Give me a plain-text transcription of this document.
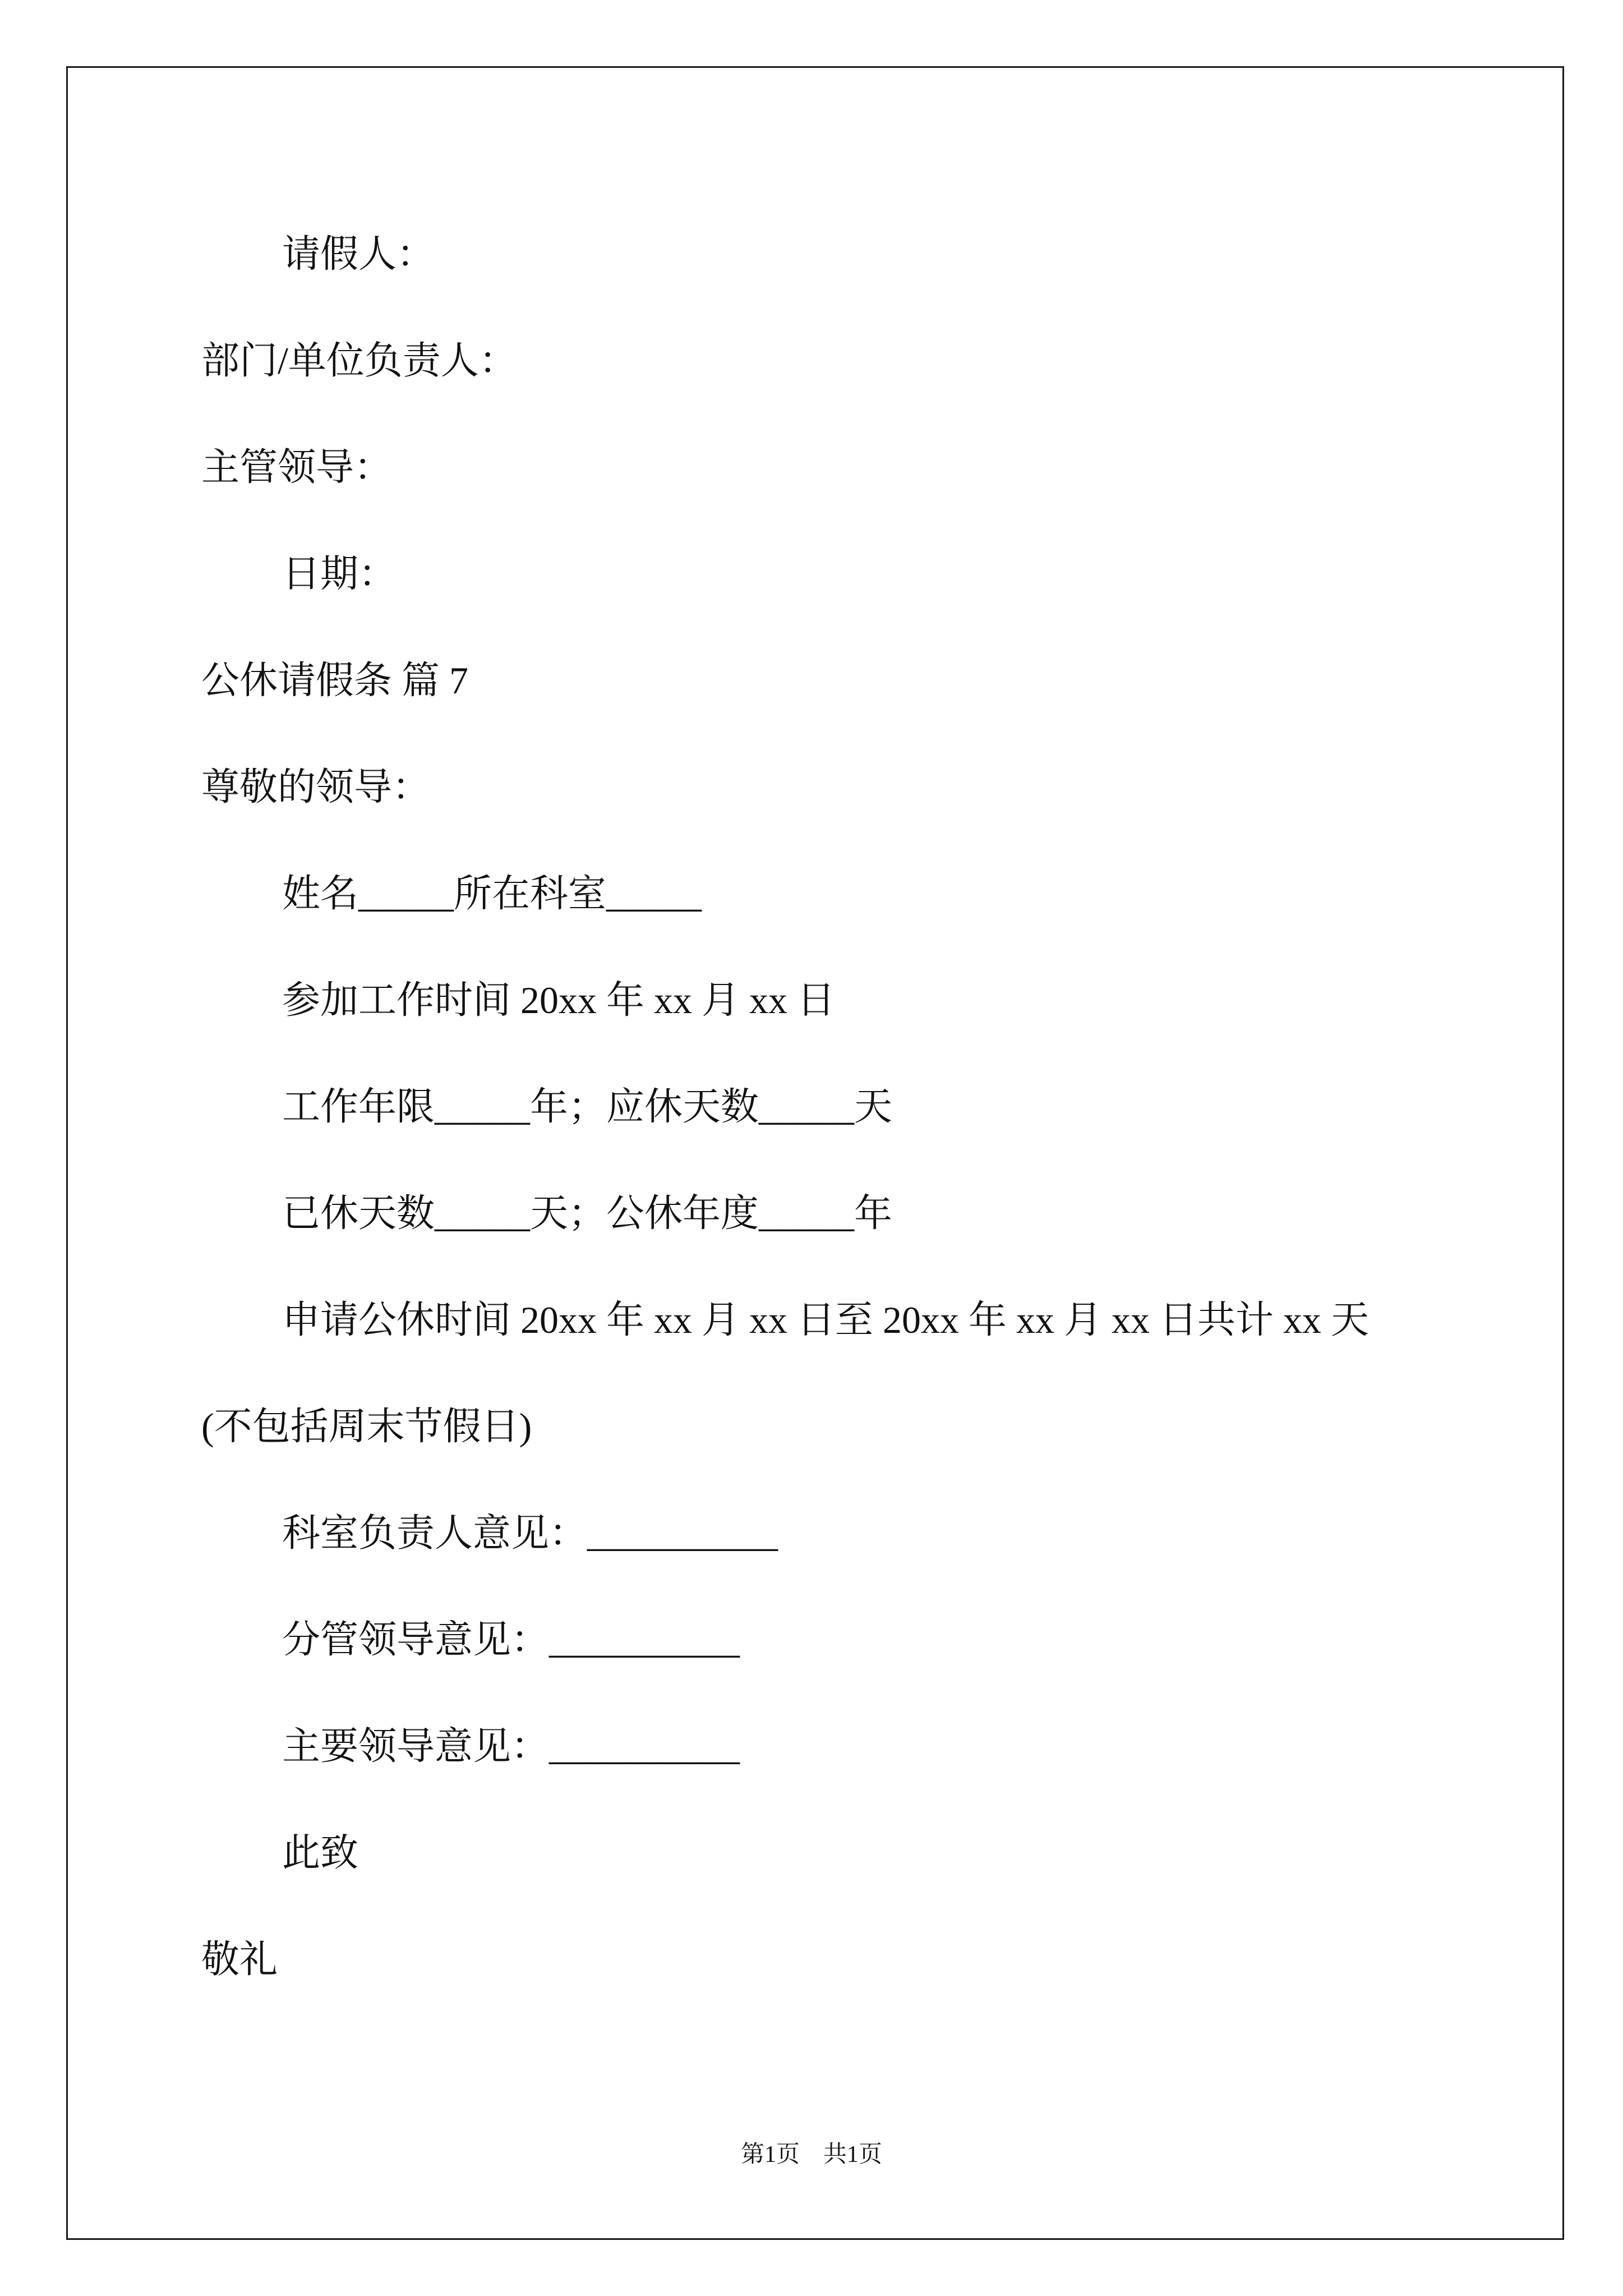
请假人：

部门/单位负责人：

主管领导：

日期：

公休请假条 篇 7

尊敬的领导：

姓名_____所在科室_____

参加工作时间 20xx 年 xx 月 xx 日

工作年限_____年；应休天数_____天

已休天数_____天；公休年度_____年

申请公休时间 20xx 年 xx 月 xx 日至 20xx 年 xx 月 xx 日共计 xx 天

(不包括周末节假日)

科室负责人意见：__________

分管领导意见：__________

主要领导意见：__________

此致

敬礼

第1页　共1页
